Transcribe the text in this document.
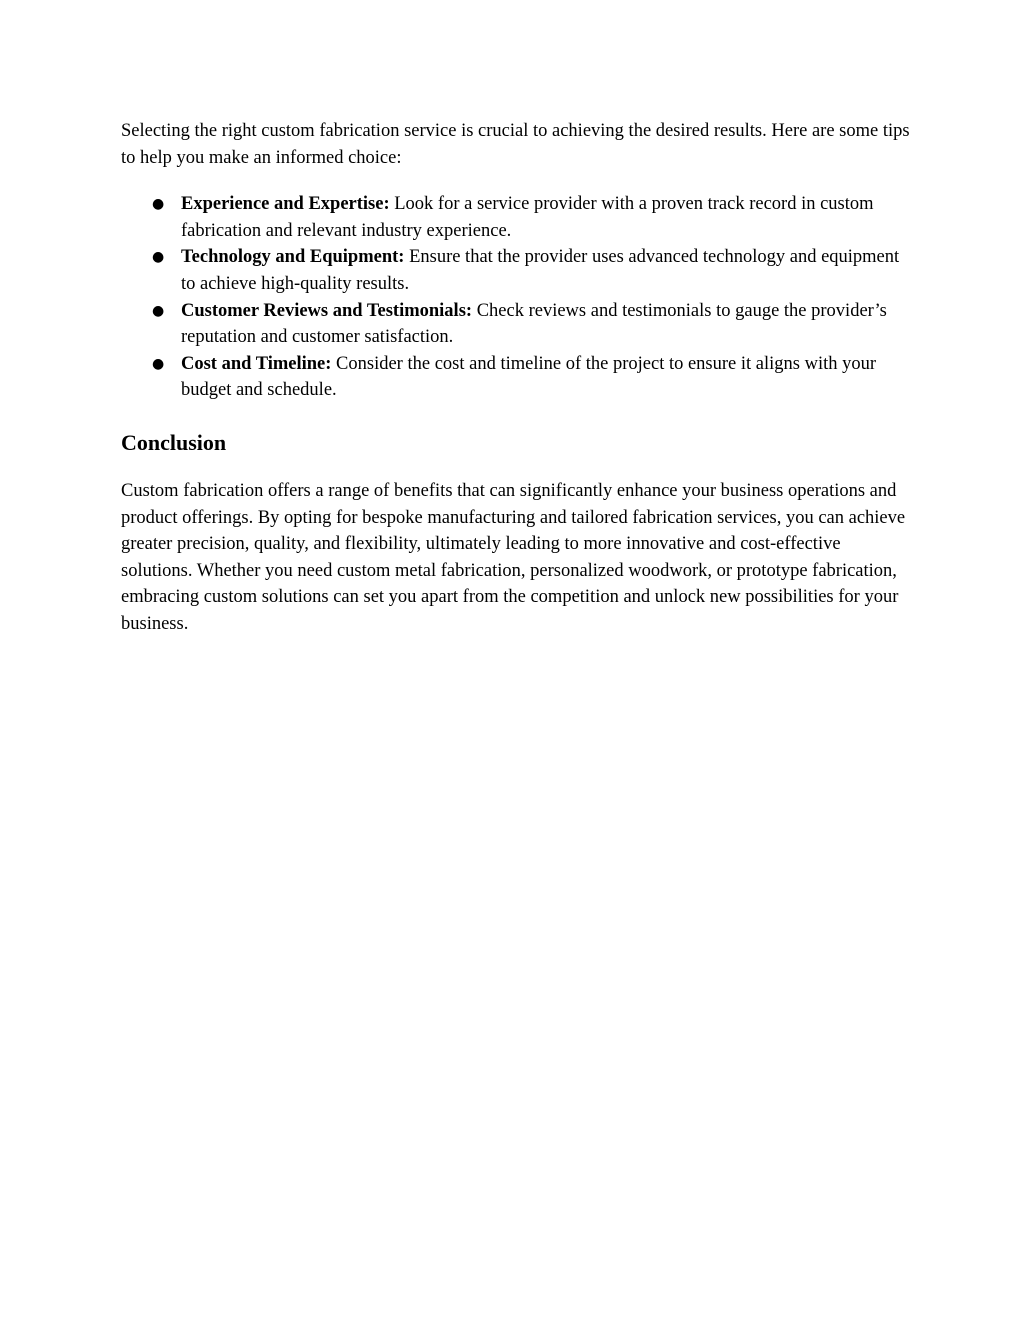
Selecting the right custom fabrication service is crucial to achieving the desired results. Here are some tips to help you make an informed choice:

● Experience and Expertise: Look for a service provider with a proven track record in custom fabrication and relevant industry experience.
● Technology and Equipment: Ensure that the provider uses advanced technology and equipment to achieve high-quality results.
● Customer Reviews and Testimonials: Check reviews and testimonials to gauge the provider’s reputation and customer satisfaction.
● Cost and Timeline: Consider the cost and timeline of the project to ensure it aligns with your budget and schedule.
Conclusion

Custom fabrication offers a range of benefits that can significantly enhance your business operations and product offerings. By opting for bespoke manufacturing and tailored fabrication services, you can achieve greater precision, quality, and flexibility, ultimately leading to more innovative and cost-effective solutions. Whether you need custom metal fabrication, personalized woodwork, or prototype fabrication, embracing custom solutions can set you apart from the competition and unlock new possibilities for your business.
